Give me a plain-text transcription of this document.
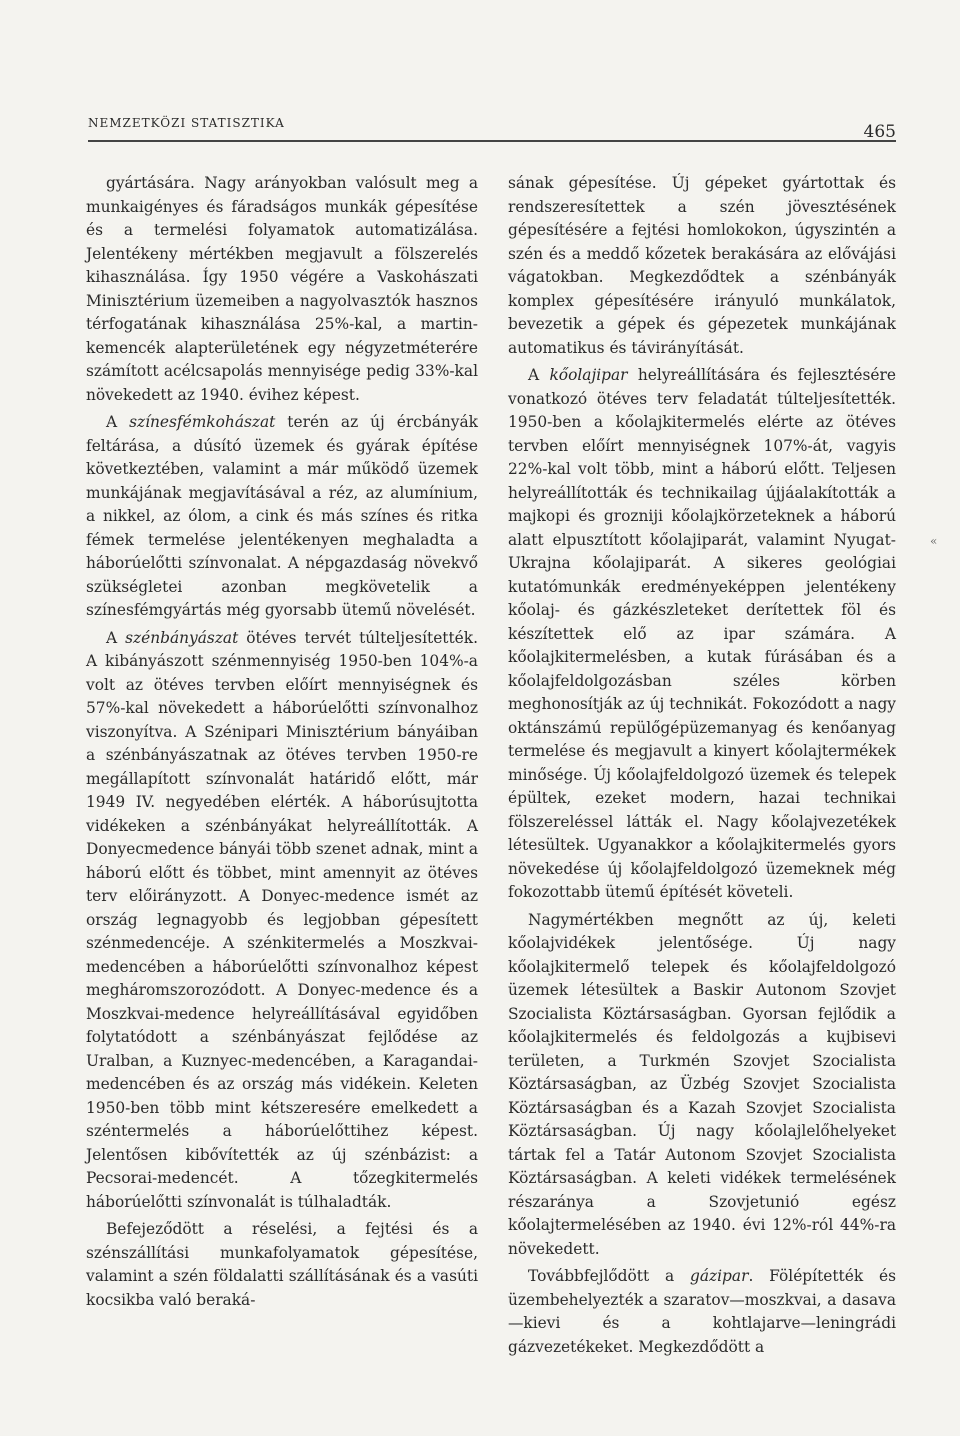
NEMZETKÖZI STATISZTIKA	465

gyártására. Nagy arányokban valósult meg a munkaigényes és fáradságos munkák gépesítése és a termelési folyamatok automatizálása. Jelentékeny mértékben megjavult a fölszerelés kihasználása. Így 1950 végére a Vaskohászati Minisztérium üzemeiben a nagyolvasztók hasznos térfogatának kihasználása 25%-kal, a martin-kemencék alapterületének egy négyzetméterére számított acélcsapolás mennyisége pedig 33%-kal növekedett az 1940. évihez képest.

A színesfémkohászat terén az új ércbányák feltárása, a dúsító üzemek és gyárak építése következtében, valamint a már működő üzemek munkájának megjavításával a réz, az alumínium, a nikkel, az ólom, a cink és más színes és ritka fémek termelése jelentékenyen meghaladta a háborúelőtti színvonalat. A népgazdaság növekvő szükségletei azonban megkövetelik a színesfémgyártás még gyorsabb ütemű növelését.

A szénbányászat ötéves tervét túlteljesítették. A kibányászott szénmennyiség 1950-ben 104%-a volt az ötéves tervben előírt mennyiségnek és 57%-kal növekedett a háborúelőtti színvonalhoz viszonyítva. A Szénipari Minisztérium bányáiban a szénbányászatnak az ötéves tervben 1950-re megállapított színvonalát határidő előtt, már 1949 IV. negyedében elérték. A háborúsujtotta vidékeken a szénbányákat helyreállították. A Donyecmedence bányái több szenet adnak, mint a háború előtt és többet, mint amennyit az ötéves terv előirányzott. A Donyec-medence ismét az ország legnagyobb és legjobban gépesített szénmedencéje. A szénkitermelés a Moszkvai-medencében a háborúelőtti színvonalhoz képest megháromszorozódott. A Donyec-medence és a Moszkvai-medence helyreállításával egyidőben folytatódott a szénbányászat fejlődése az Uralban, a Kuznyec-medencében, a Karagandai-medencében és az ország más vidékein. Keleten 1950-ben több mint kétszeresére emelkedett a széntermelés a háborúelőttihez képest. Jelentősen kibővítették az új szénbázist: a Pecsorai-medencét. A tőzegkitermelés háborúelőtti színvonalát is túlhaladták.

Befejeződött a réselési, a fejtési és a szénszállítási munkafolyamatok gépesítése, valamint a szén földalatti szállításának és a vasúti kocsikba való beraká-

sának gépesítése. Új gépeket gyártottak és rendszeresítettek a szén jövesztésének gépesítésére a fejtési homlokokon, úgyszintén a szén és a meddő kőzetek berakására az elővájási vágatokban. Megkezdődtek a szénbányák komplex gépesítésére irányuló munkálatok, bevezetik a gépek és gépezetek munkájának automatikus és távirányítását.

A kőolajipar helyreállítására és fejlesztésére vonatkozó ötéves terv feladatát túlteljesítették. 1950-ben a kőolajkitermelés elérte az ötéves tervben előírt mennyiségnek 107%-át, vagyis 22%-kal volt több, mint a háború előtt. Teljesen helyreállították és technikailag újjáalakították a majkopi és grozniji kőolajkörzeteknek a háború alatt elpusztított kőolajiparát, valamint Nyugat-Ukrajna kőolajiparát. A sikeres geológiai kutatómunkák eredményeképpen jelentékeny kőolaj- és gázkészleteket derítettek föl és készítettek elő az ipar számára. A kőolajkitermelésben, a kutak fúrásában és a kőolajfeldolgozásban széles körben meghonosítják az új technikát. Fokozódott a nagy oktánszámú repülőgépüzemanyag és kenőanyag termelése és megjavult a kinyert kőolajtermékek minősége. Új kőolajfeldolgozó üzemek és telepek épültek, ezeket modern, hazai technikai fölszereléssel látták el. Nagy kőolajvezetékek létesültek. Ugyanakkor a kőolajkitermelés gyors növekedése új kőolajfeldolgozó üzemeknek még fokozottabb ütemű építését követeli.

Nagymértékben megnőtt az új, keleti kőolajvidékek jelentősége. Új nagy kőolajkitermelő telepek és kőolajfeldolgozó üzemek létesültek a Baskir Autonom Szovjet Szocialista Köztársaságban. Gyorsan fejlődik a kőolajkitermelés és feldolgozás a kujbisevi területen, a Turkmén Szovjet Szocialista Köztársaságban, az Üzbég Szovjet Szocialista Köztársaságban és a Kazah Szovjet Szocialista Köztársaságban. Új nagy kőolajlelőhelyeket tártak fel a Tatár Autonom Szovjet Szocialista Köztársaságban. A keleti vidékek termelésének részaránya a Szovjetunió egész kőolajtermelésében az 1940. évi 12%-ról 44%-ra növekedett.

Továbbfejlődött a gázipar. Fölépítették és üzembehelyezték a szaratov—moszkvai, a dasava—kievi és a kohtlajarve—leningrádi gázvezetékeket. Megkezdődött a

«
